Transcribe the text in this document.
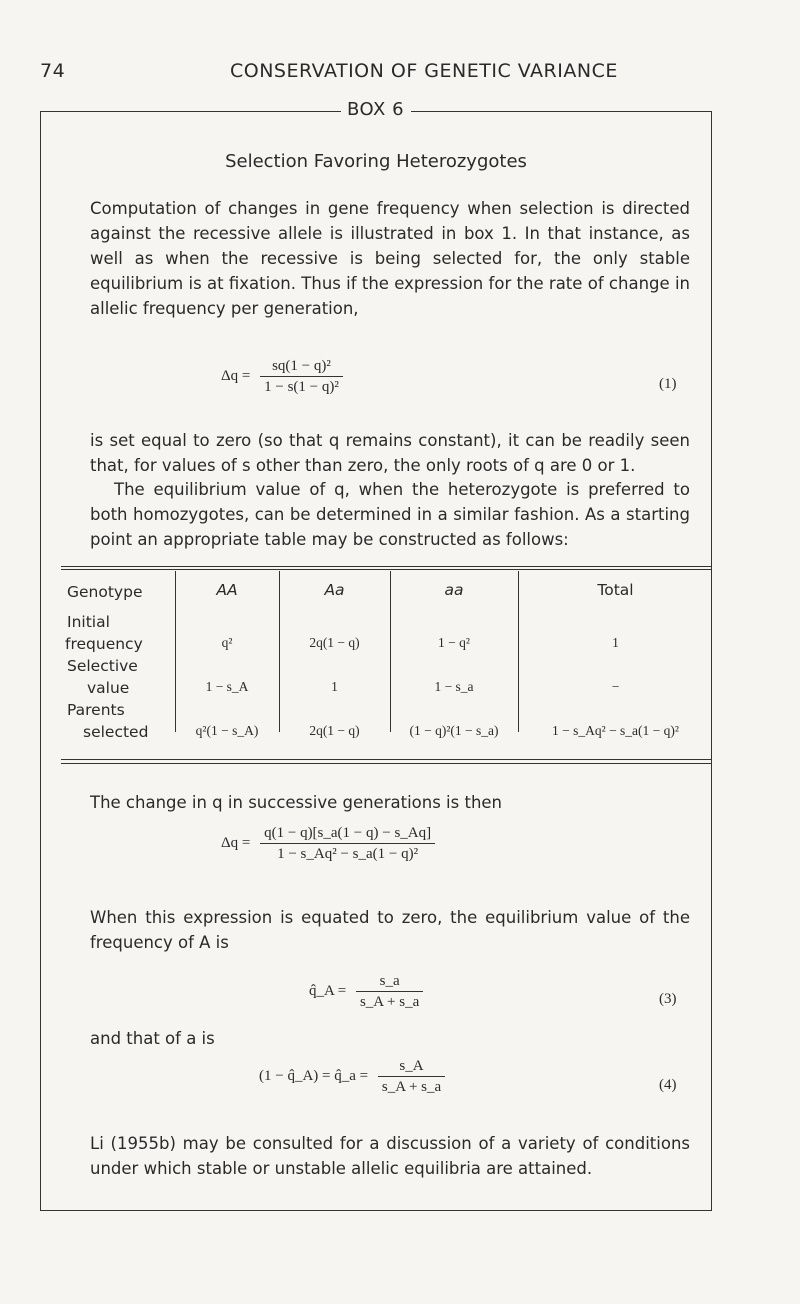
74	CONSERVATION OF GENETIC VARIANCE
BOX 6
Selection Favoring Heterozygotes
Computation of changes in gene frequency when selection is directed against the recessive allele is illustrated in box 1. In that instance, as well as when the recessive is being selected for, the only stable equilibrium is at fixation. Thus if the expression for the rate of change in allelic frequency per generation,
$\Delta q = \frac{\text{sq(1 − q)²}}{\text{1 − s(1 − q)²}}$	(1)
is set equal to zero (so that q remains constant), it can be readily seen that, for values of s other than zero, the only roots of q are 0 or 1.
The equilibrium value of q, when the heterozygote is preferred to both homozygotes, can be determined in a similar fashion. As a starting point an appropriate table may be constructed as follows:
Genotype	AA	Aa	aa	Total
Initial
frequency	q²	2q(1 − q)	1 − q²	1
Selective
value	1 − s_A	1	1 − s_a	−
Parents
selected	q²(1 − s_A)	2q(1 − q)	(1 − q)²(1 − s_a)	1 − s_Aq² − s_a(1 − q)²
The change in q in successive generations is then
$\Delta q = \frac{q(1 - q)[s\_a(1 - q) - s\_Aq]}{\text{1 − s\_Aq² − s\_a(1 − q)²}}$
When this expression is equated to zero, the equilibrium value of the frequency of A is
q̂_A = $\frac{s\_a}{s\_A + s\_a}$	(3)
and that of a is
(1 − q̂_A) = q̂_a = $\frac{s\_A}{s\_A + s\_a}$	(4)
Li (1955b) may be consulted for a discussion of a variety of conditions under which stable or unstable allelic equilibria are attained.
